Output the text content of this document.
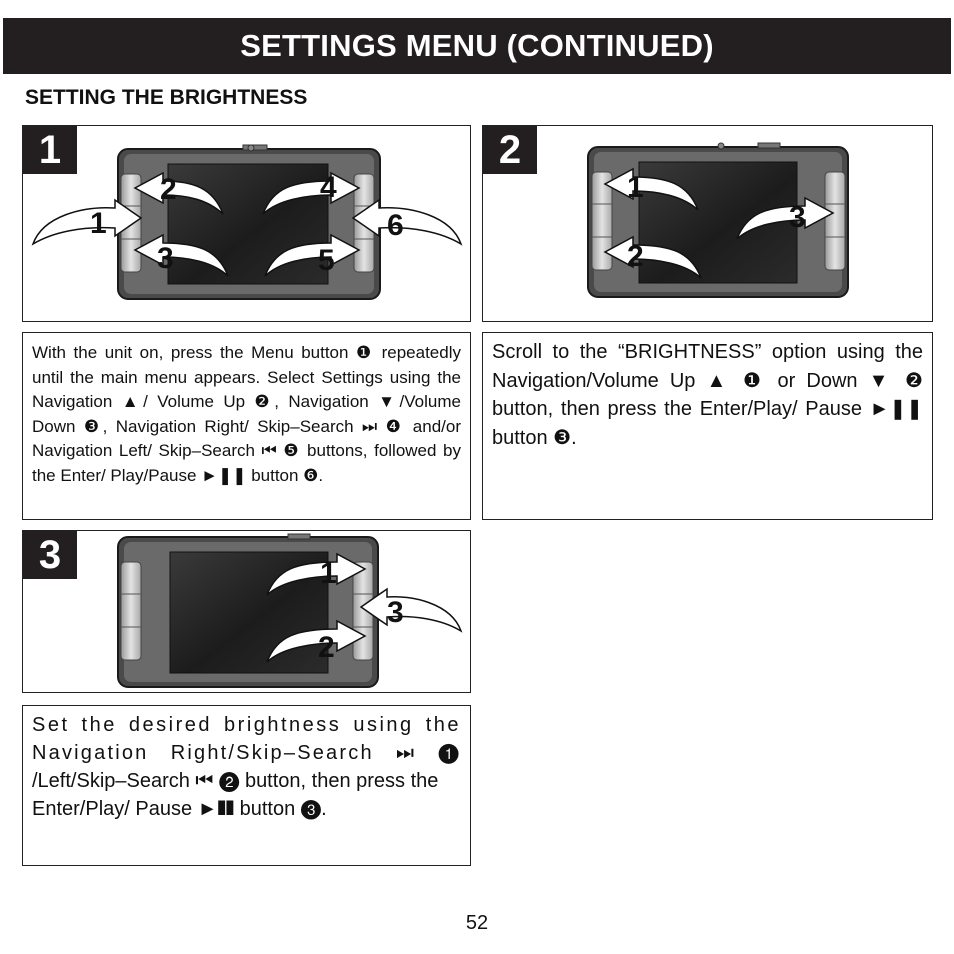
SETTINGS MENU (CONTINUED)
SETTING THE BRIGHTNESS
1
2	4
1	6
3	5
2
1
3
2
With the unit on, press the Menu button ❶ repeatedly until the main menu appears. Select Settings using the Navigation ▲/ Volume Up ❷, Navigation ▼/Volume Down ❸, Navigation Right/ Skip–Search ⏭ ❹ and/or Navigation Left/ Skip–Search ⏮ ❺ buttons, followed by the Enter/ Play/Pause ►❚❚ button ❻.
Scroll to the “BRIGHTNESS” option using the Navigation/Volume Up ▲ ❶ or Down ▼ ❷ button, then press the Enter/Play/ Pause ►❚❚ button ❸.
3	1
3
2
Set the desired brightness using the
Navigation Right/Skip–Search ⏭ ❶
/Left/Skip–Search ⏮ ❷ button, then press the Enter/Play/ Pause ►❚❚ button ❸.
52
